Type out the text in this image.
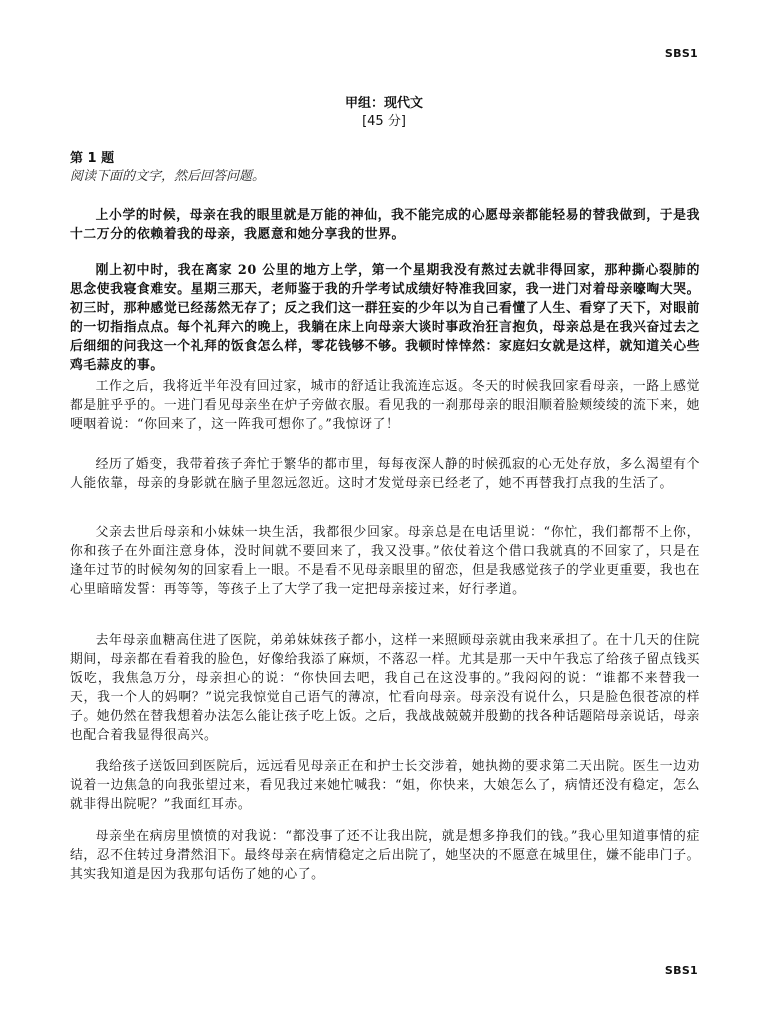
SBS1
甲组：现代文
[45 分]
第 1 题
阅读下面的文字，然后回答问题。

上小学的时候，母亲在我的眼里就是万能的神仙，我不能完成的心愿母亲都能轻易的替我做到，于是我十二万分的依赖着我的母亲，我愿意和她分享我的世界。

刚上初中时，我在离家 20 公里的地方上学，第一个星期我没有熬过去就非得回家，那种撕心裂肺的思念使我寝食难安。星期三那天，老师鉴于我的升学考试成绩好特准我回家，我一进门对着母亲嚎啕大哭。初三时，那种感觉已经荡然无存了；反之我们这一群狂妄的少年以为自己看懂了人生、看穿了天下，对眼前的一切指指点点。每个礼拜六的晚上，我躺在床上向母亲大谈时事政治狂言抱负，母亲总是在我兴奋过去之后细细的问我这一个礼拜的饭食怎么样，零花钱够不够。我顿时悻悻然：家庭妇女就是这样，就知道关心些鸡毛蒜皮的事。

工作之后，我将近半年没有回过家，城市的舒适让我流连忘返。冬天的时候我回家看母亲，一路上感觉都是脏乎乎的。一进门看见母亲坐在炉子旁做衣服。看见我的一刹那母亲的眼泪顺着脸颊绫绫的流下来，她哽咽着说：“你回来了，这一阵我可想你了。”我惊讶了！

经历了婚变，我带着孩子奔忙于繁华的都市里，每每夜深人静的时候孤寂的心无处存放，多么渴望有个人能依靠，母亲的身影就在脑子里忽远忽近。这时才发觉母亲已经老了，她不再替我打点我的生活了。

父亲去世后母亲和小妹妹一块生活，我都很少回家。母亲总是在电话里说：“你忙，我们都帮不上你，你和孩子在外面注意身体，没时间就不要回来了，我又没事。”依仗着这个借口我就真的不回家了，只是在逢年过节的时候匆匆的回家看上一眼。不是看不见母亲眼里的留恋，但是我感觉孩子的学业更重要，我也在心里暗暗发誓：再等等，等孩子上了大学了我一定把母亲接过来，好行孝道。

去年母亲血糖高住进了医院，弟弟妹妹孩子都小，这样一来照顾母亲就由我来承担了。在十几天的住院期间，母亲都在看着我的脸色，好像给我添了麻烦，不落忍一样。尤其是那一天中午我忘了给孩子留点钱买饭吃，我焦急万分，母亲担心的说：“你快回去吧，我自己在这没事的。”我闷闷的说：“谁都不来替我一天，我一个人的妈啊？”说完我惊觉自己语气的薄凉，忙看向母亲。母亲没有说什么，只是脸色很苍凉的样子。她仍然在替我想着办法怎么能让孩子吃上饭。之后，我战战兢兢并殷勤的找各种话题陪母亲说话，母亲也配合着我显得很高兴。

我给孩子送饭回到医院后，远远看见母亲正在和护士长交涉着，她执拗的要求第二天出院。医生一边劝说着一边焦急的向我张望过来，看见我过来她忙喊我：“姐，你快来，大娘怎么了，病情还没有稳定，怎么就非得出院呢？”我面红耳赤。

母亲坐在病房里愤愤的对我说：“都没事了还不让我出院，就是想多挣我们的钱。”我心里知道事情的症结，忍不住转过身潸然泪下。最终母亲在病情稳定之后出院了，她坚决的不愿意在城里住，嫌不能串门子。其实我知道是因为我那句话伤了她的心了。

SBS1
